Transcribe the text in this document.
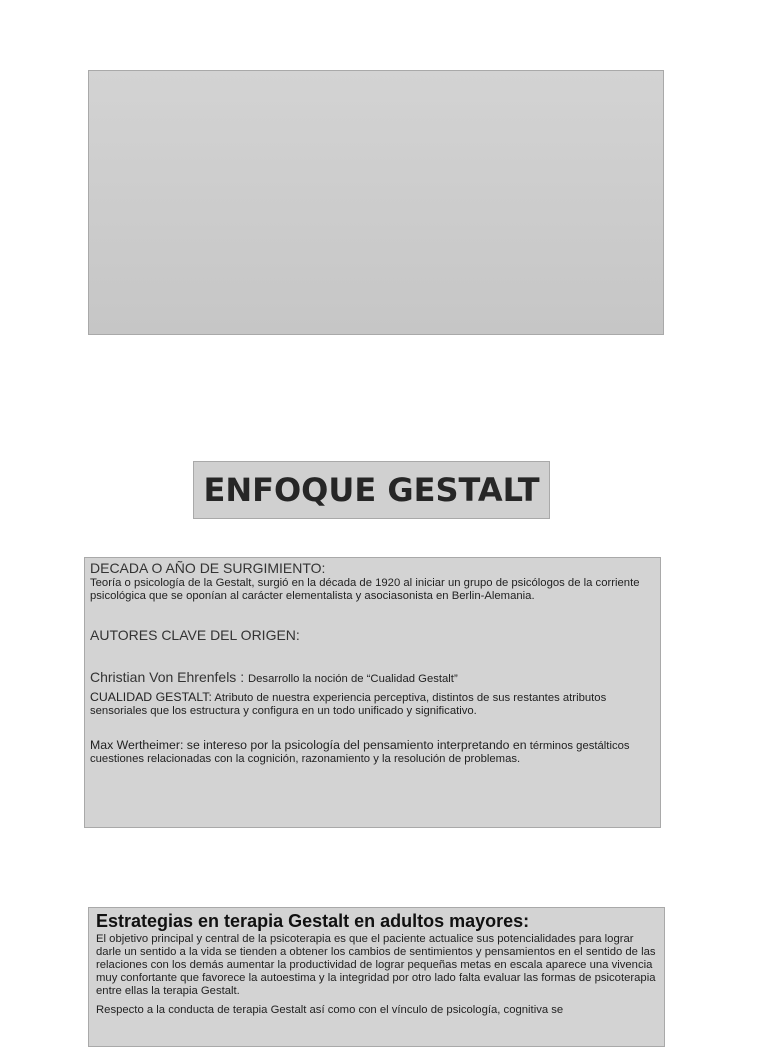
ENFOQUE GESTALT

DECADA O AÑO DE SURGIMIENTO:

Teoría o psicología de la Gestalt, surgió en la década de 1920 al iniciar un grupo de psicólogos de la corriente psicológica que se oponían al carácter elementalista y asociasonista en Berlin-Alemania.

AUTORES CLAVE DEL ORIGEN:

Christian Von Ehrenfels : Desarrollo la noción de “Cualidad Gestalt”

CUALIDAD GESTALT: Atributo de nuestra experiencia perceptiva, distintos de sus restantes atributos sensoriales que los estructura y configura en un todo unificado y significativo.

Max Wertheimer: se intereso por la psicología del pensamiento interpretando en términos gestálticos cuestiones relacionadas con la cognición, razonamiento y la resolución de problemas.

Estrategias en terapia Gestalt en adultos mayores:

El objetivo principal y central de la psicoterapia es que el paciente actualice sus potencialidades para lograr darle un sentido a la vida se tienden a obtener los cambios de sentimientos y pensamientos en el sentido de las relaciones con los demás aumentar la productividad de lograr pequeñas metas en escala aparece una vivencia muy confortante que favorece la autoestima y la integridad por otro lado falta evaluar las formas de psicoterapia entre ellas la terapia Gestalt.

Respecto a la conducta de terapia Gestalt así como con el vínculo de psicología, cognitiva se
